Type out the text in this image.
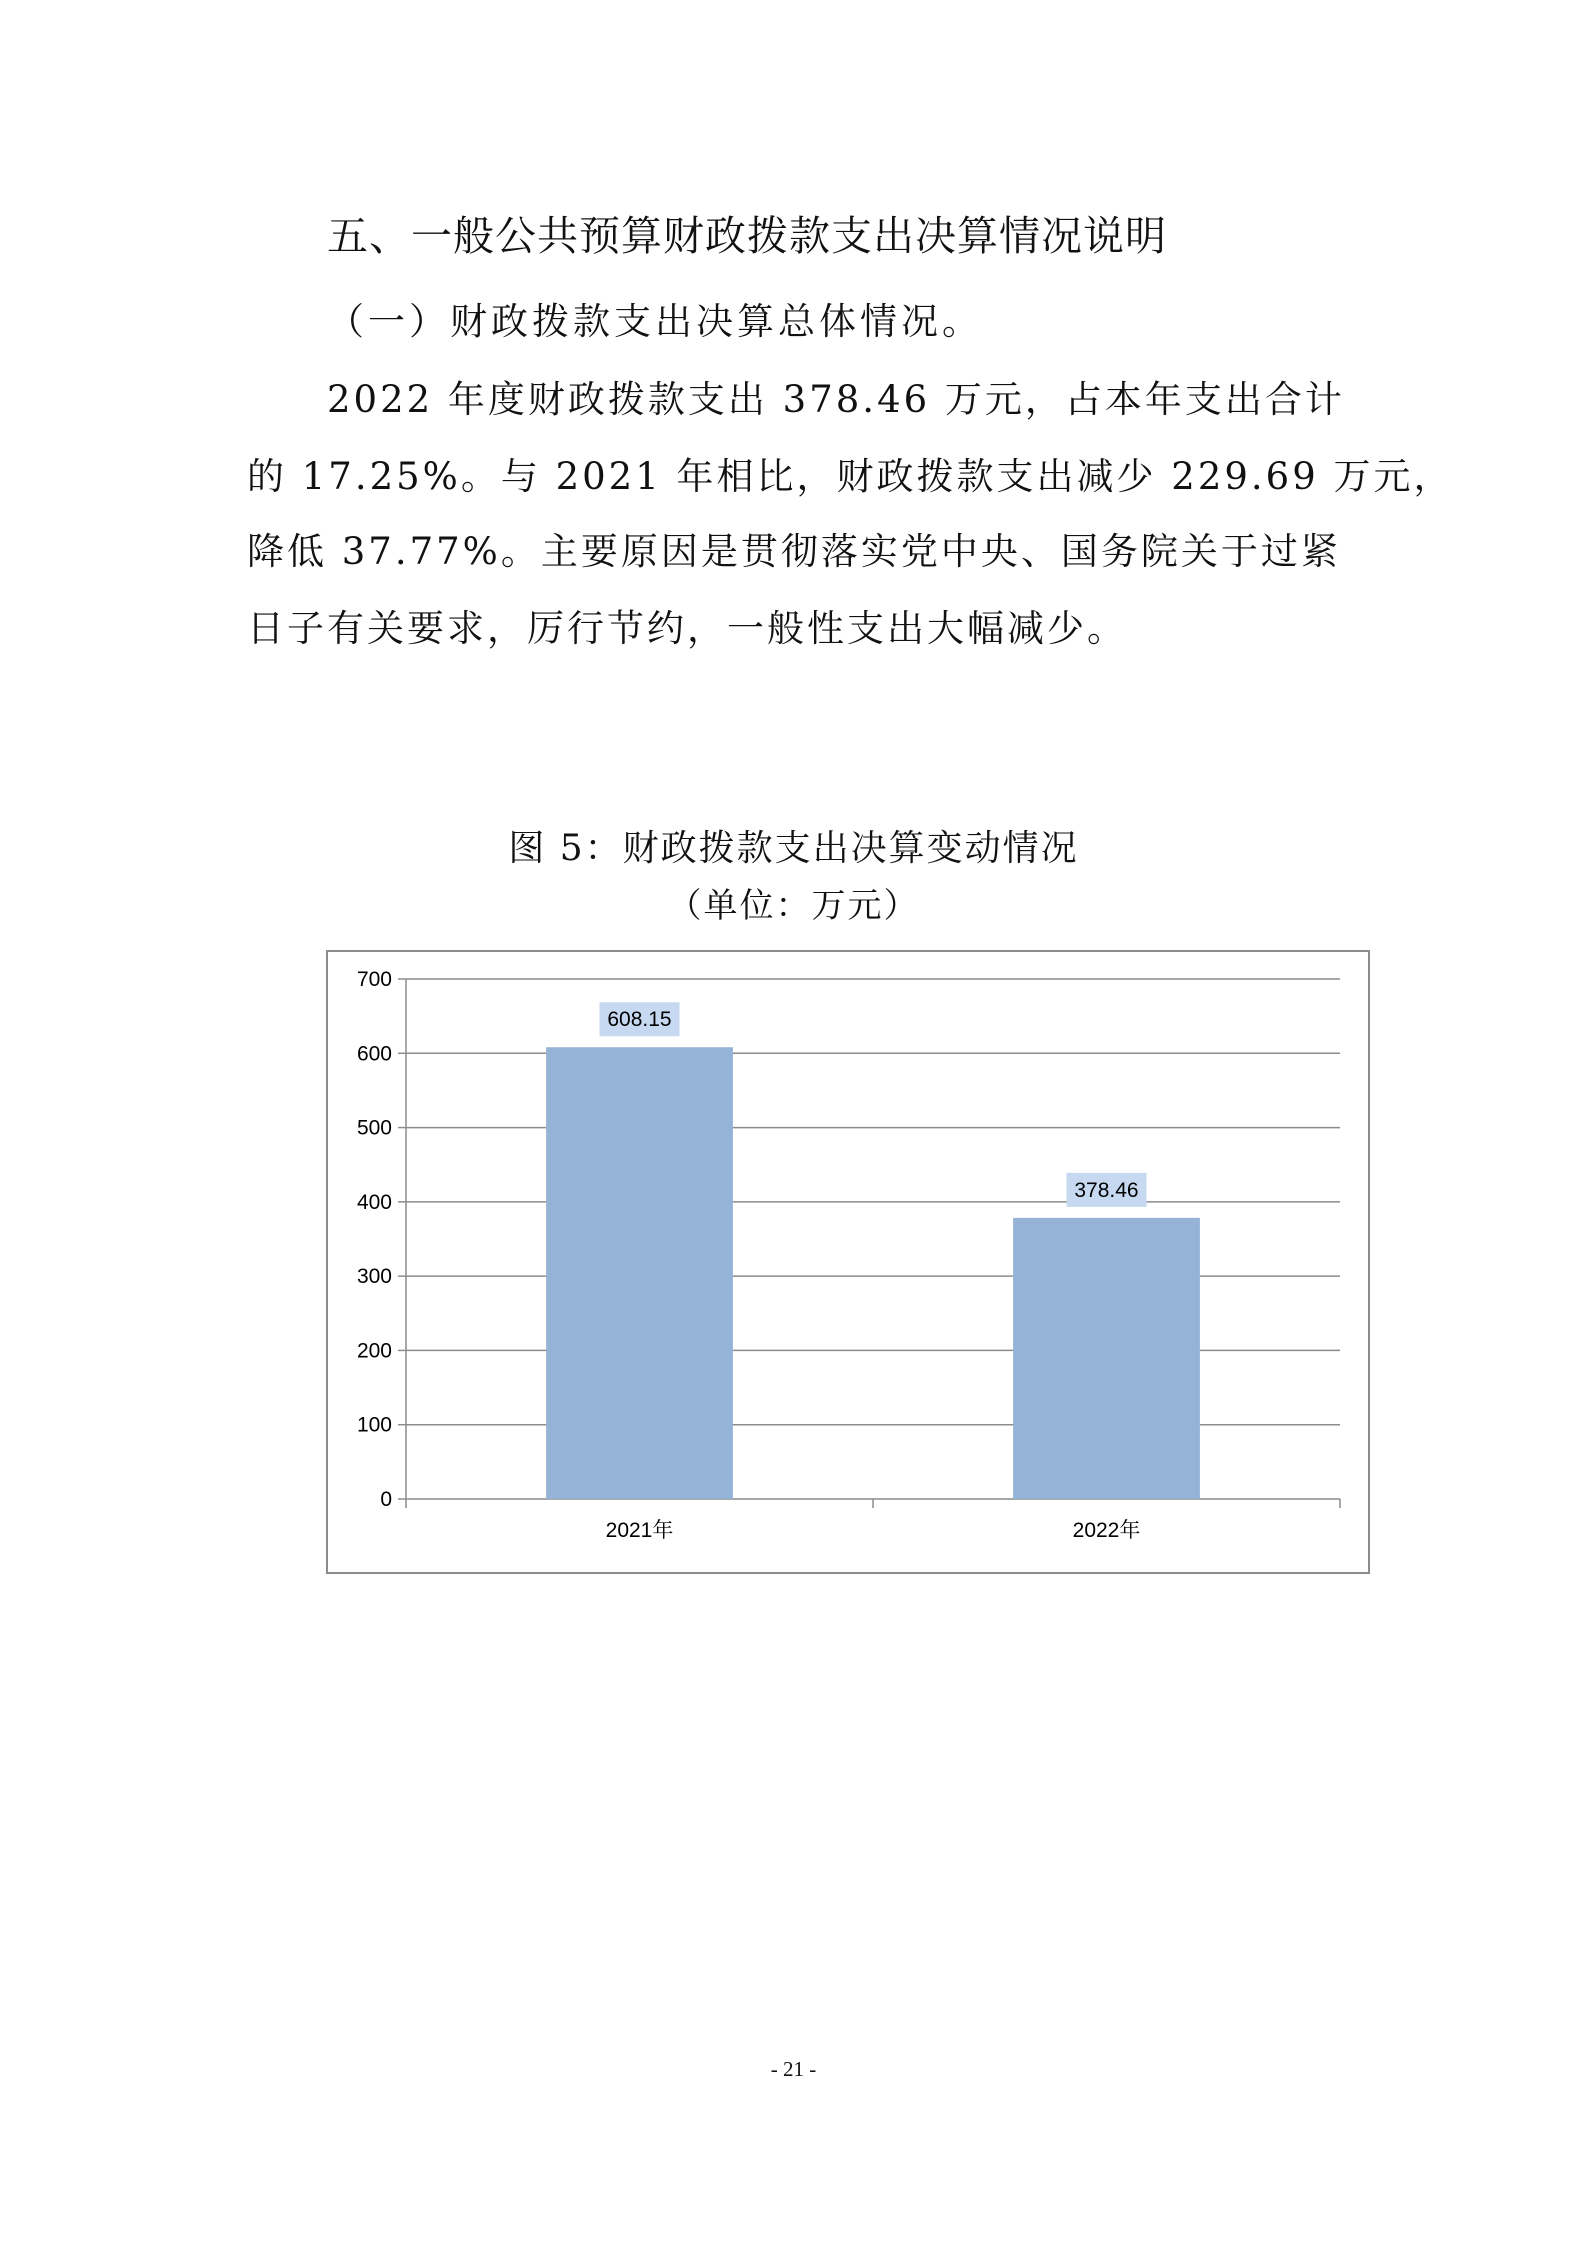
五、一般公共预算财政拨款支出决算情况说明
（一）财政拨款支出决算总体情况。
2022 年度财政拨款支出 378.46 万元，占本年支出合计
的 17.25%。与 2021 年相比，财政拨款支出减少 229.69 万元，
降低 37.77%。主要原因是贯彻落实党中央、国务院关于过紧
日子有关要求，厉行节约，一般性支出大幅减少。
图 5：财政拨款支出决算变动情况
（单位：万元）
0
100
200
300
400
500
600
700
608.15
2021年
378.46
2022年
- 21 -
